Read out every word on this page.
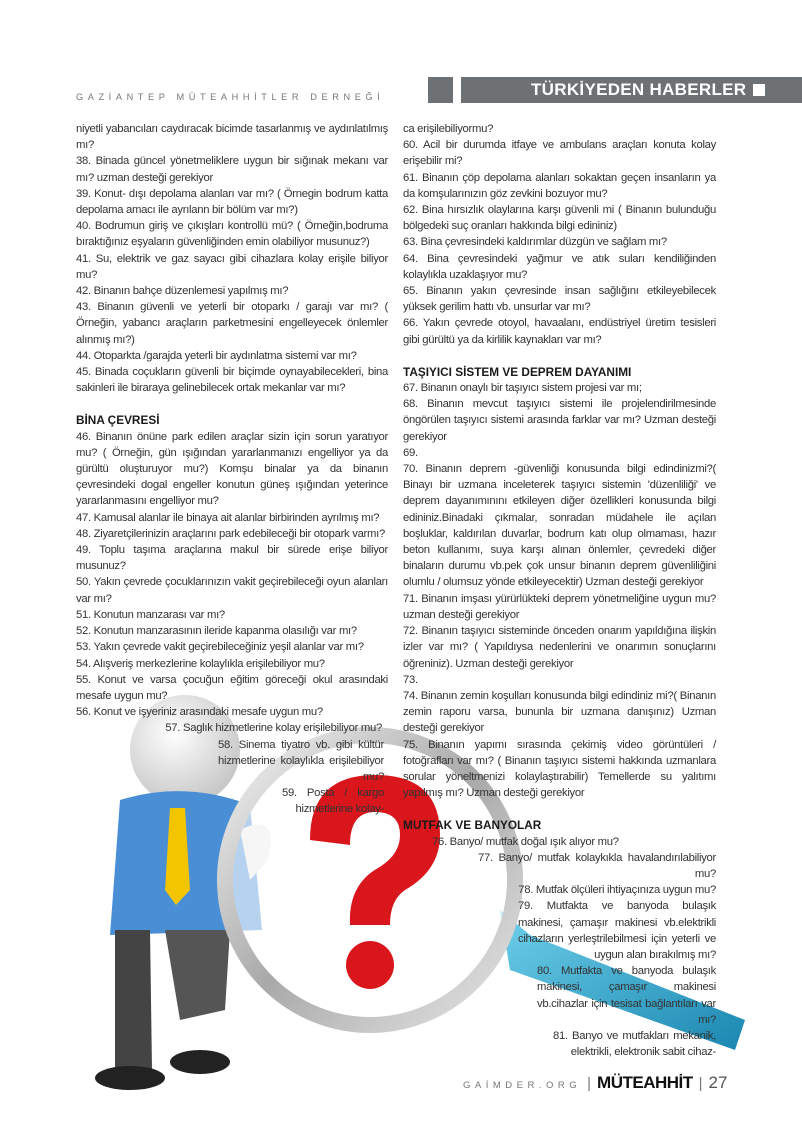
GAZİANTEP MÜTEAHHİTLER DERNEĞİ	TÜRKİYEDEN HABERLER

niyetli yabancıları caydıracak bicimde tasarlanmış ve aydınlatılmış mı?

38. Binada güncel yönetmeliklere uygun bir sığınak mekanı var mı? uzman desteği gerekiyor

39. Konut- dışı depolama alanları var mı? ( Örnegin bodrum katta depolama amacı ile ayrılann bir bölüm var mı?)

40. Bodrumun giriş ve çıkışları kontrollü mü? ( Örneğin,bodruma bıraktığınız eşyaların güvenliğinden emin olabiliyor musunuz?)

41. Su, elektrik ve gaz sayacı gibi cihazlara kolay erişile biliyor mu?

42. Binanın bahçe düzenlemesi yapılmış mı?

43. Binanın güvenli ve yeterli bir otoparkı / garajı var mı? ( Örneğin, yabancı araçların parketmesini engelleyecek önlemler alınmış mı?)

44. Otoparkta /garajda yeterli bir aydınlatma sistemi var mı?

45. Binada coçukların güvenli bir biçimde oynayabilecekleri, bina sakinleri ile biraraya gelinebilecek ortak mekanlar var mı?

BİNA ÇEVRESİ

46. Binanın önüne park edilen araçlar sizin için sorun yaratıyor mu? ( Örneğin, gün ışığından yararlanmanızı engelliyor ya da gürültü oluşturuyor mu?) Komşu binalar ya da binanın çevresindeki dogal engeller konutun güneş ışığından yeterince yararlanmasını engelliyor mu?

47. Kamusal alanlar ile binaya ait alanlar birbirinden ayrılmış mı?

48. Ziyaretçilerinizin araçlarını park edebileceği bir otopark varmı?

49. Toplu taşıma araçlarına makul bir sürede erişe biliyor musunuz?

50. Yakın çevrede çocuklarınızın vakit geçirebileceği oyun alanları var mı?

51. Konutun manzarası var mı?

52. Konutun manzarasının ileride kapanma olasılığı var mı?

53. Yakın çevrede vakit geçirebileceğiniz yeşil alanlar var mı?

54. Alışveriş merkezlerine kolaylıkla erişilebiliyor mu?

55. Konut ve varsa çocuğun eğitim göreceği okul arasındaki mesafe uygun mu?

56. Konut ve işyeriniz arasındaki mesafe uygun mu?

57. Saglık hizmetlerine kolay erişilebiliyor mu?

58. Sinema tiyatro vb. gibi kültür hizmetlerine kolaylıkla erişilebiliyor mu?

59. Posta / kargo hizmetlerine kolay-

ca erişilebiliyormu?

60. Acil bir durumda itfaye ve ambulans araçları konuta kolay erişebilir mi?

61. Binanın çöp depolama alanları sokaktan geçen insanların ya da komşularınızın göz zevkini bozuyor mu?

62. Bina hırsızlık olaylarına karşı güvenli mi ( Binanın bulunduğu bölgedeki suç oranları hakkında bilgi edininiz)

63. Bina çevresindeki kaldırımlar düzgün ve sağlam mı?

64. Bina çevresindeki yağmur ve atık suları kendiliğinden kolaylıkla uzaklaşıyor mu?

65. Binanın yakın çevresinde insan sağlığını etkileyebilecek yüksek gerilim hattı vb. unsurlar var mı?

66. Yakın çevrede otoyol, havaalanı, endüstriyel üretim tesisleri gibi gürültü ya da kirlilik kaynakları var mı?

TAŞIYICI SİSTEM VE DEPREM DAYANIMI

67. Binanın onaylı bir taşıyıcı sistem projesi var mı;

68. Binanın mevcut taşıyıcı sistemi ile projelendirilmesinde öngörülen taşıyıcı sistemi arasında farklar var mı? Uzman desteği gerekiyor

69.

70. Binanın deprem -güvenliği konusunda bilgi edindinizmi?( Binayı bir uzmana inceleterek taşıyıcı sistemin 'düzenliliği' ve deprem dayanımınını etkileyen diğer özellikleri konusunda bilgi edininiz.Binadaki çıkmalar, sonradan müdahele ile açılan boşluklar, kaldırılan duvarlar, bodrum katı olup olmaması, hazır beton kullanımı, suya karşı alınan önlemler, çevredeki diğer binaların durumu vb.pek çok unsur binanın deprem güvenliliğini olumlu / olumsuz yönde etkileyecektir) Uzman desteği gerekiyor

71. Binanın imşası yürürlükteki deprem yönetmeliğine uygun mu? uzman desteği gerekiyor

72. Binanın taşıyıcı sisteminde önceden onarım yapıldığına ilişkin izler var mı? ( Yapıldıysa nedenlerini ve onarımın sonuçlarını öğreniniz). Uzman desteği gerekiyor

73.

74. Binanın zemin koşulları konusunda bilgi edindiniz mi?( Binanın zemin raporu varsa, bununla bir uzmana danışınız) Uzman desteği gerekiyor

75. Binanın yapımı sırasında çekimiş video görüntüleri / fotoğrafları var mı? ( Binanın taşıyıcı sistemi hakkında uzmanlara sorular yöneltmenizi kolaylaştırabilir) Temellerde su yalıtımı yapılmış mı? Uzman desteği gerekiyor

MUTFAK VE BANYOLAR

76. Banyo/ mutfak doğal ışık alıyor mu?

77. Banyo/ mutfak kolaykıkla havalandırılabiliyor mu?

78. Mutfak ölçüleri ihtiyaçınıza uygun mu?

79. Mutfakta ve banyoda bulaşık makinesi, çamaşır makinesi vb.elektrikli cihazların yerleştrilebilmesi için yeterli ve uygun alan bırakılmış mı?

80. Mutfakta ve banyoda bulaşık makinesi, çamaşır makinesi vb.cihazlar için tesisat bağlantıları var mı?

81. Banyo ve mutfakları mekanik, elektrikli, elektronik sabit cihaz-

GAİMDER.ORG | MÜTEAHHİT | 27
